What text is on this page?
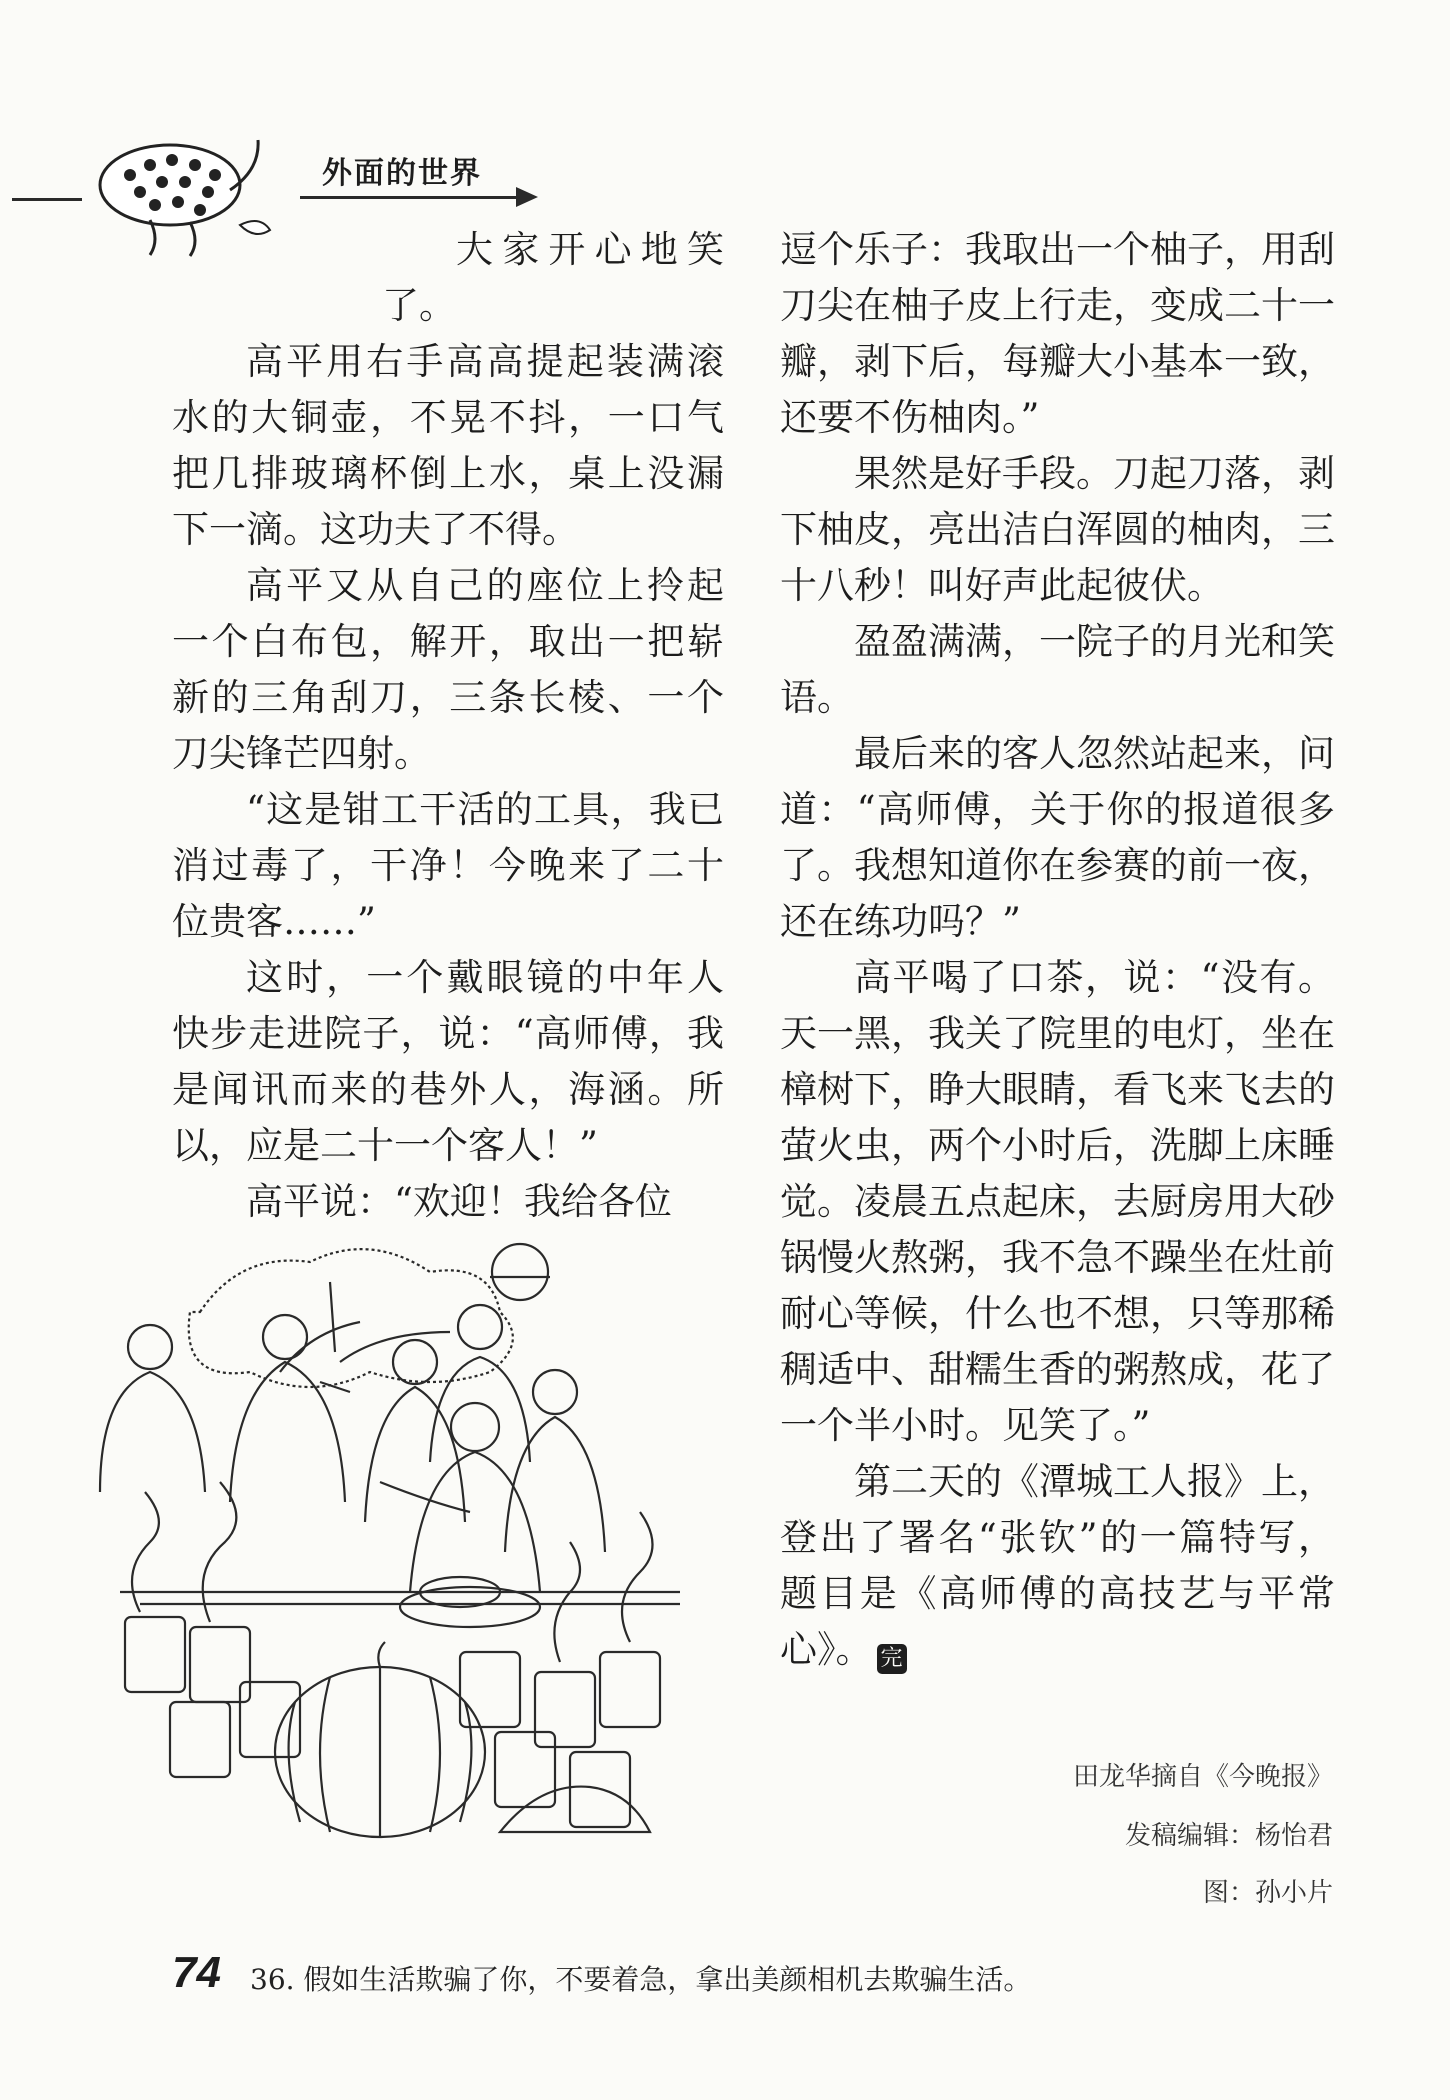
外面的世界

大家开心地笑了。

高平用右手高高提起装满滚水的大铜壶，不晃不抖，一口气把几排玻璃杯倒上水，桌上没漏下一滴。这功夫了不得。

高平又从自己的座位上拎起一个白布包，解开，取出一把崭新的三角刮刀，三条长棱、一个刀尖锋芒四射。

“这是钳工干活的工具，我已消过毒了，干净！今晚来了二十位贵客……”

这时，一个戴眼镜的中年人快步走进院子，说：“高师傅，我是闻讯而来的巷外人，海涵。所以，应是二十一个客人！”

高平说：“欢迎！我给各位

逗个乐子：我取出一个柚子，用刮刀尖在柚子皮上行走，变成二十一瓣，剥下后，每瓣大小基本一致，还要不伤柚肉。”

果然是好手段。刀起刀落，剥下柚皮，亮出洁白浑圆的柚肉，三十八秒！叫好声此起彼伏。

盈盈满满，一院子的月光和笑语。

最后来的客人忽然站起来，问道：“高师傅，关于你的报道很多了。我想知道你在参赛的前一夜，还在练功吗？”

高平喝了口茶，说：“没有。天一黑，我关了院里的电灯，坐在樟树下，睁大眼睛，看飞来飞去的萤火虫，两个小时后，洗脚上床睡觉。凌晨五点起床，去厨房用大砂锅慢火熬粥，我不急不躁坐在灶前耐心等候，什么也不想，只等那稀稠适中、甜糯生香的粥熬成，花了一个半小时。见笑了。”

第二天的《潭城工人报》上，登出了署名“张钦”的一篇特写，题目是《高师傅的高技艺与平常心》。 完

田龙华摘自《今晚报》
发稿编辑：杨怡君
图：孙小片
74 36. 假如生活欺骗了你，不要着急，拿出美颜相机去欺骗生活。
